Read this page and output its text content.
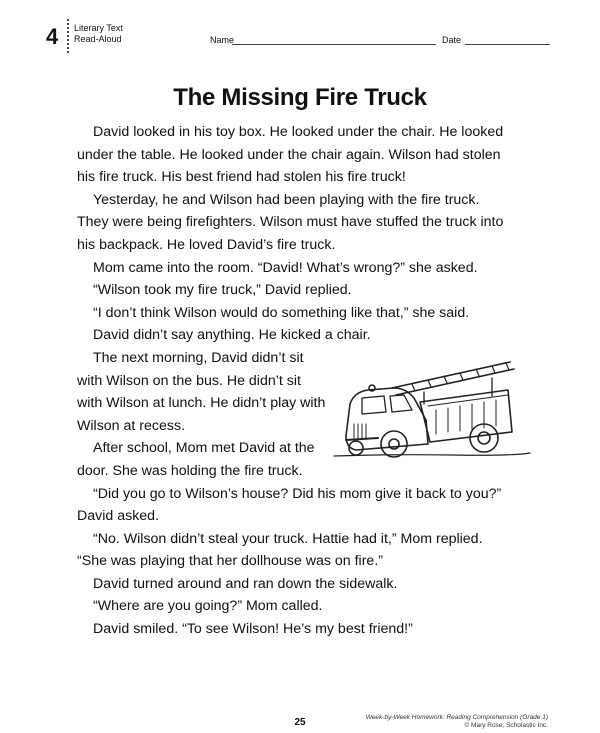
4 Literary Text
Read-Aloud	Name	Date
The Missing Fire Truck
David looked in his toy box. He looked under the chair. He looked
under the table. He looked under the chair again. Wilson had stolen
his fire truck. His best friend had stolen his fire truck!
Yesterday, he and Wilson had been playing with the fire truck.
They were being firefighters. Wilson must have stuffed the truck into
his backpack. He loved David’s fire truck.
Mom came into the room. “David! What’s wrong?” she asked.
“Wilson took my fire truck,” David replied.
“I don’t think Wilson would do something like that,” she said.
David didn’t say anything. He kicked a chair.
The next morning, David didn’t sit
with Wilson on the bus. He didn’t sit
with Wilson at lunch. He didn’t play with
Wilson at recess.
After school, Mom met David at the
door. She was holding the fire truck.
“Did you go to Wilson’s house? Did his mom give it back to you?”
David asked.
“No. Wilson didn’t steal your truck. Hattie had it,” Mom replied.
“She was playing that her dollhouse was on fire.”
David turned around and ran down the sidewalk.
“Where are you going?” Mom called.
David smiled. “To see Wilson! He’s my best friend!”
25	Week-by-Week Homework: Reading Comprehension (Grade 1)
© Mary Rose, Scholastic Inc.
